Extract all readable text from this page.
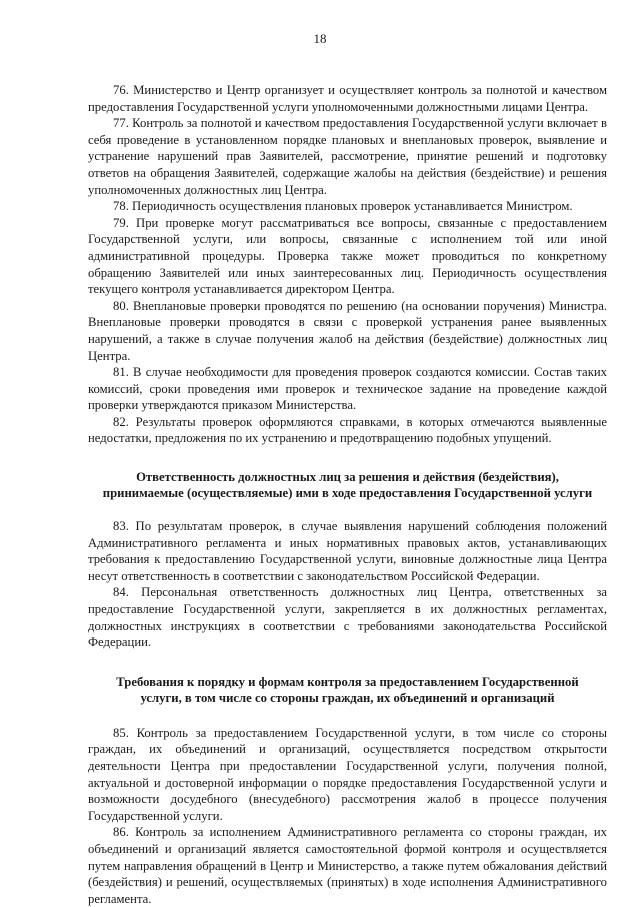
18

76. Министерство и Центр организует и осуществляет контроль за полнотой и качеством предоставления Государственной услуги уполномоченными должностными лицами Центра.

77. Контроль за полнотой и качеством предоставления Государственной услуги включает в себя проведение в установленном порядке плановых и внеплановых проверок, выявление и устранение нарушений прав Заявителей, рассмотрение, принятие решений и подготовку ответов на обращения Заявителей, содержащие жалобы на действия (бездействие) и решения уполномоченных должностных лиц Центра.

78. Периодичность осуществления плановых проверок устанавливается Министром.

79. При проверке могут рассматриваться все вопросы, связанные с предоставлением Государственной услуги, или вопросы, связанные с исполнением той или иной административной процедуры. Проверка также может проводиться по конкретному обращению Заявителей или иных заинтересованных лиц. Периодичность осуществления текущего контроля устанавливается директором Центра.

80. Внеплановые проверки проводятся по решению (на основании поручения) Министра. Внеплановые проверки проводятся в связи с проверкой устранения ранее выявленных нарушений, а также в случае получения жалоб на действия (бездействие) должностных лиц Центра.

81. В случае необходимости для проведения проверок создаются комиссии. Состав таких комиссий, сроки проведения ими проверок и техническое задание на проведение каждой проверки утверждаются приказом Министерства.

82. Результаты проверок оформляются справками, в которых отмечаются выявленные недостатки, предложения по их устранению и предотвращению подобных упущений.

Ответственность должностных лиц за решения и действия (бездействия),
принимаемые (осуществляемые) ими в ходе предоставления Государственной услуги

83. По результатам проверок, в случае выявления нарушений соблюдения положений Административного регламента и иных нормативных правовых актов, устанавливающих требования к предоставлению Государственной услуги, виновные должностные лица Центра несут ответственность в соответствии с законодательством Российской Федерации.

84. Персональная ответственность должностных лиц Центра, ответственных за предоставление Государственной услуги, закрепляется в их должностных регламентах, должностных инструкциях в соответствии с требованиями законодательства Российской Федерации.

Требования к порядку и формам контроля за предоставлением Государственной
услуги, в том числе со стороны граждан, их объединений и организаций

85. Контроль за предоставлением Государственной услуги, в том числе со стороны граждан, их объединений и организаций, осуществляется посредством открытости деятельности Центра при предоставлении Государственной услуги, получения полной, актуальной и достоверной информации о порядке предоставления Государственной услуги и возможности досудебного (внесудебного) рассмотрения жалоб в процессе получения Государственной услуги.

86. Контроль за исполнением Административного регламента со стороны граждан, их объединений и организаций является самостоятельной формой контроля и осуществляется путем направления обращений в Центр и Министерство, а также путем обжалования действий (бездействия) и решений, осуществляемых (принятых) в ходе исполнения Административного регламента.
